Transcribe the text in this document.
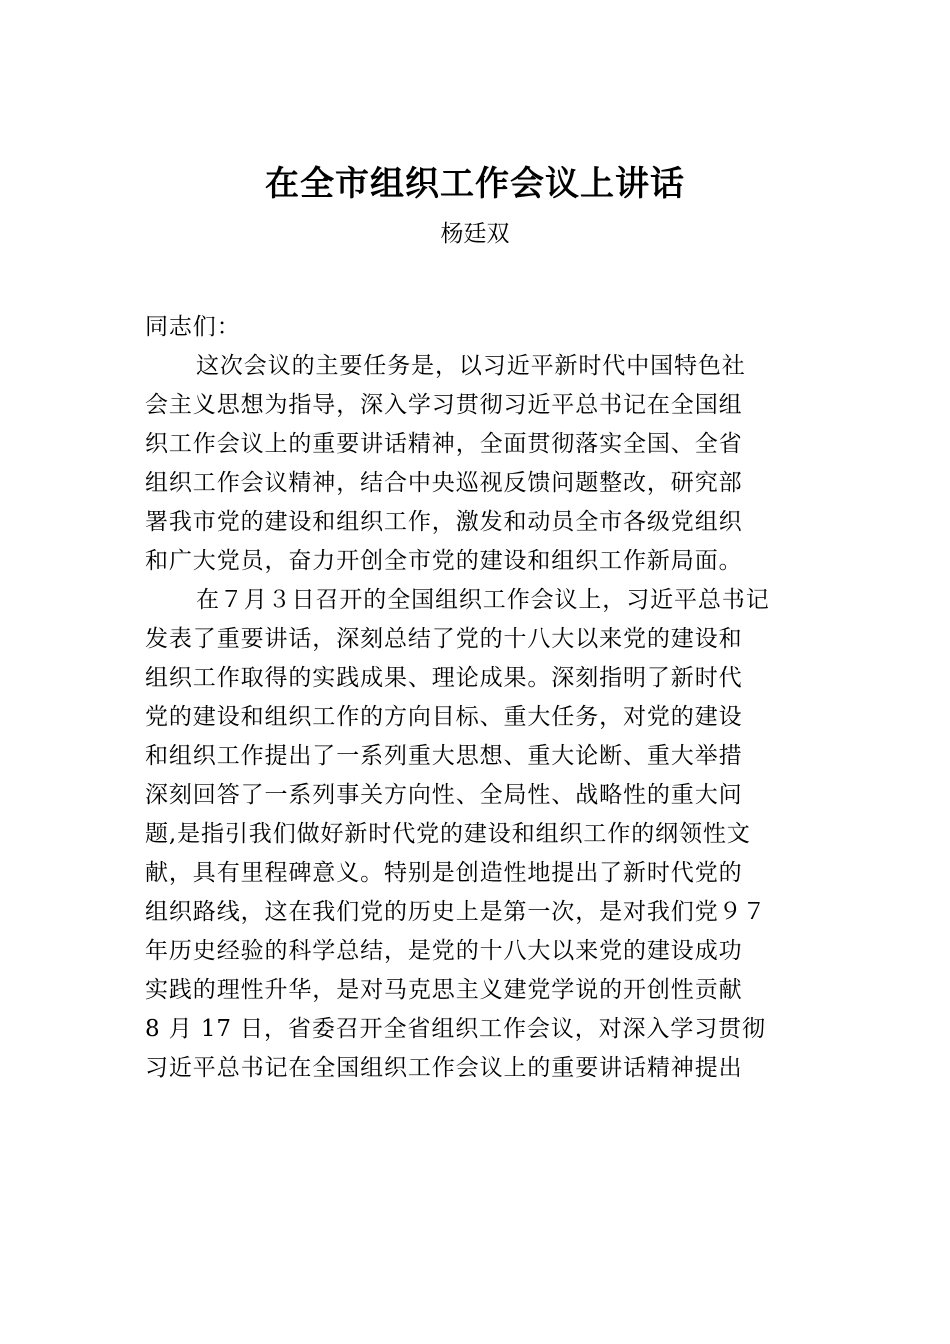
在全市组织工作会议上讲话
杨廷双
同志们：
这次会议的主要任务是，以习近平新时代中国特色社
会主义思想为指导，深入学习贯彻习近平总书记在全国组
织工作会议上的重要讲话精神，全面贯彻落实全国、全省
组织工作会议精神，结合中央巡视反馈问题整改，研究部
署我市党的建设和组织工作，激发和动员全市各级党组织
和广大党员，奋力开创全市党的建设和组织工作新局面。
在７月３日召开的全国组织工作会议上，习近平总书记
发表了重要讲话，深刻总结了党的十八大以来党的建设和
组织工作取得的实践成果、理论成果。深刻指明了新时代
党的建设和组织工作的方向目标、重大任务，对党的建设
和组织工作提出了一系列重大思想、重大论断、重大举措
深刻回答了一系列事关方向性、全局性、战略性的重大问
题,是指引我们做好新时代党的建设和组织工作的纲领性文
献，具有里程碑意义。特别是创造性地提出了新时代党的
组织路线，这在我们党的历史上是第一次，是对我们党９７
年历史经验的科学总结，是党的十八大以来党的建设成功
实践的理性升华，是对马克思主义建党学说的开创性贡献
8 月 17 日，省委召开全省组织工作会议，对深入学习贯彻
习近平总书记在全国组织工作会议上的重要讲话精神提出
